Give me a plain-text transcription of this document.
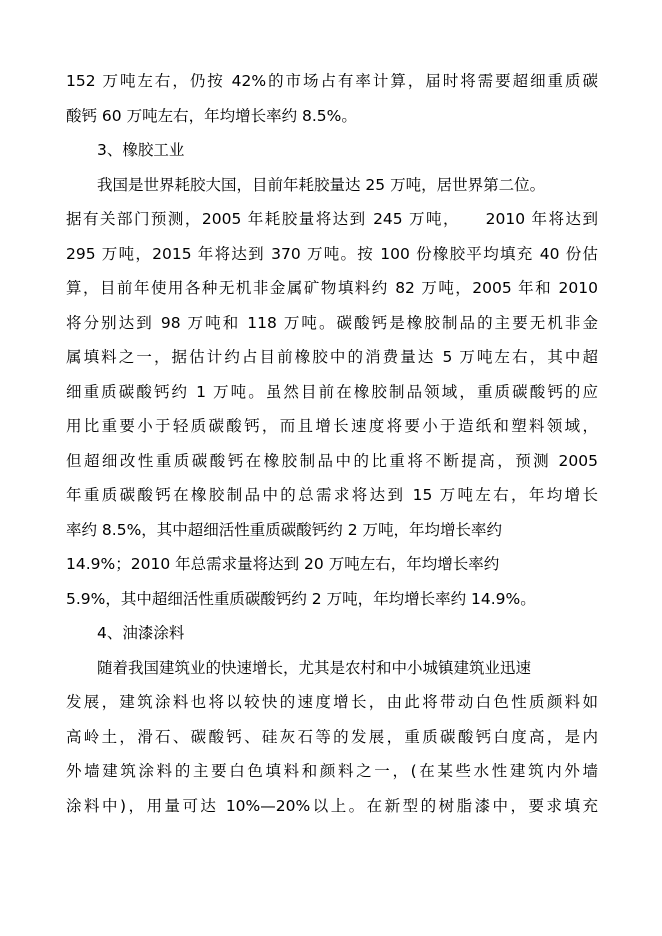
152 万吨左右，仍按 42%的市场占有率计算，届时将需要超细重质碳
酸钙 60 万吨左右，年均增长率约 8.5%。
3、橡胶工业
我国是世界耗胶大国，目前年耗胶量达 25 万吨，居世界第二位。
据有关部门预测，2005 年耗胶量将达到 245 万吨，    2010 年将达到
295 万吨，2015 年将达到 370 万吨。按 100 份橡胶平均填充 40 份估
算，目前年使用各种无机非金属矿物填料约 82 万吨，2005 年和 2010
将分别达到 98 万吨和 118 万吨。碳酸钙是橡胶制品的主要无机非金
属填料之一，据估计约占目前橡胶中的消费量达 5 万吨左右，其中超
细重质碳酸钙约 1 万吨。虽然目前在橡胶制品领域，重质碳酸钙的应
用比重要小于轻质碳酸钙，而且增长速度将要小于造纸和塑料领域，
但超细改性重质碳酸钙在橡胶制品中的比重将不断提高，预测 2005
年重质碳酸钙在橡胶制品中的总需求将达到 15 万吨左右，年均增长
率约 8.5%，其中超细活性重质碳酸钙约 2 万吨，年均增长率约
14.9%；2010 年总需求量将达到 20 万吨左右，年均增长率约
5.9%，其中超细活性重质碳酸钙约 2 万吨，年均增长率约 14.9%。
4、油漆涂料
随着我国建筑业的快速增长，尤其是农村和中小城镇建筑业迅速
发展，建筑涂料也将以较快的速度增长，由此将带动白色性质颜料如
高岭土，滑石、碳酸钙、硅灰石等的发展，重质碳酸钙白度高，是内
外墙建筑涂料的主要白色填料和颜料之一，(在某些水性建筑内外墙
涂料中)，用量可达 10%—20%以上。在新型的树脂漆中，要求填充
